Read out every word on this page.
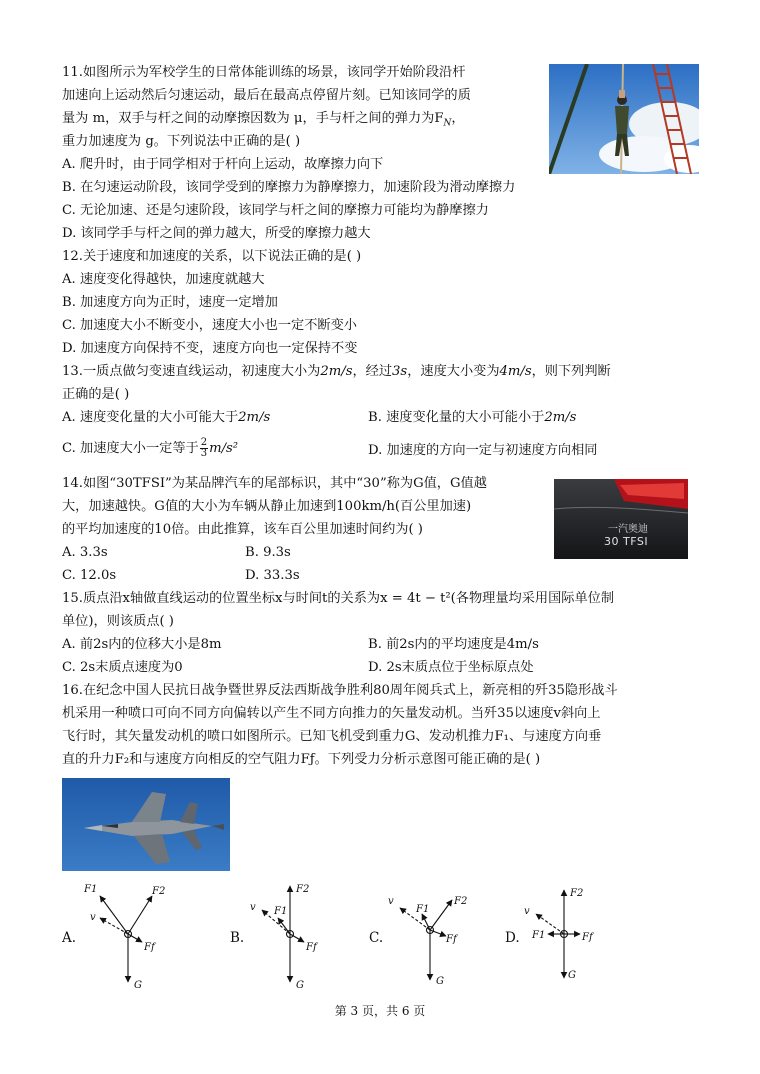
11.如图所示为军校学生的日常体能训练的场景，该同学开始阶段沿杆
加速向上运动然后匀速运动，最后在最高点停留片刻。已知该同学的质
量为 m，双手与杆之间的动摩擦因数为 μ，手与杆之间的弹力为$F_N$，
重力加速度为 g。下列说法中正确的是( )
A. 爬升时，由于同学相对于杆向上运动，故摩擦力向下
B. 在匀速运动阶段，该同学受到的摩擦力为静摩擦力，加速阶段为滑动摩擦力
C. 无论加速、还是匀速阶段，该同学与杆之间的摩擦力可能均为静摩擦力
D. 该同学手与杆之间的弹力越大，所受的摩擦力越大
12.关于速度和加速度的关系，以下说法正确的是( )
A. 速度变化得越快，加速度就越大
B. 加速度方向为正时，速度一定增加
C. 加速度大小不断变小，速度大小也一定不断变小
D. 加速度方向保持不变，速度方向也一定保持不变
13.一质点做匀变速直线运动，初速度大小为2m/s，经过3s，速度大小变为4m/s，则下列判断
正确的是( )
A. 速度变化量的大小可能大于2m/s	B. 速度变化量的大小可能小于2m/s
C. 加速度大小一定等于 $\frac{2}{3} m/s^2$	D. 加速度的方向一定与初速度方向相同
14.如图“30TFSI”为某品牌汽车的尾部标识，其中“30”称为G值，G值越
大，加速越快。G值的大小为车辆从静止加速到100km/h(百公里加速)
的平均加速度的10倍。由此推算，该车百公里加速时间约为( )
A. 3.3s	B. 9.3s
C. 12.0s	D. 33.3s
一汽奥迪
30 TFSI
15.质点沿x轴做直线运动的位置坐标x与时间t的关系为x = 4t − t²(各物理量均采用国际单位制
单位)，则该质点( )
A. 前2s内的位移大小是8m	B. 前2s内的平均速度是4m/s
C. 2s末质点速度为0	D. 2s末质点位于坐标原点处
16.在纪念中国人民抗日战争暨世界反法西斯战争胜利80周年阅兵式上，新亮相的歼35隐形战斗
机采用一种喷口可向不同方向偏转以产生不同方向推力的矢量发动机。当歼35以速度v斜向上
飞行时，其矢量发动机的喷口如图所示。已知飞机受到重力G、发动机推力F₁、与速度方向垂
直的升力F₂和与速度方向相反的空气阻力Fƒ。下列受力分析示意图可能正确的是( )
A.	B.	C.	D.
F1	F2
v
Ff
G
F2
F1
v
Ff
G
v	F2
F1
Ff
G
F2
v
F1	Ff
G
第 3 页，共 6 页
